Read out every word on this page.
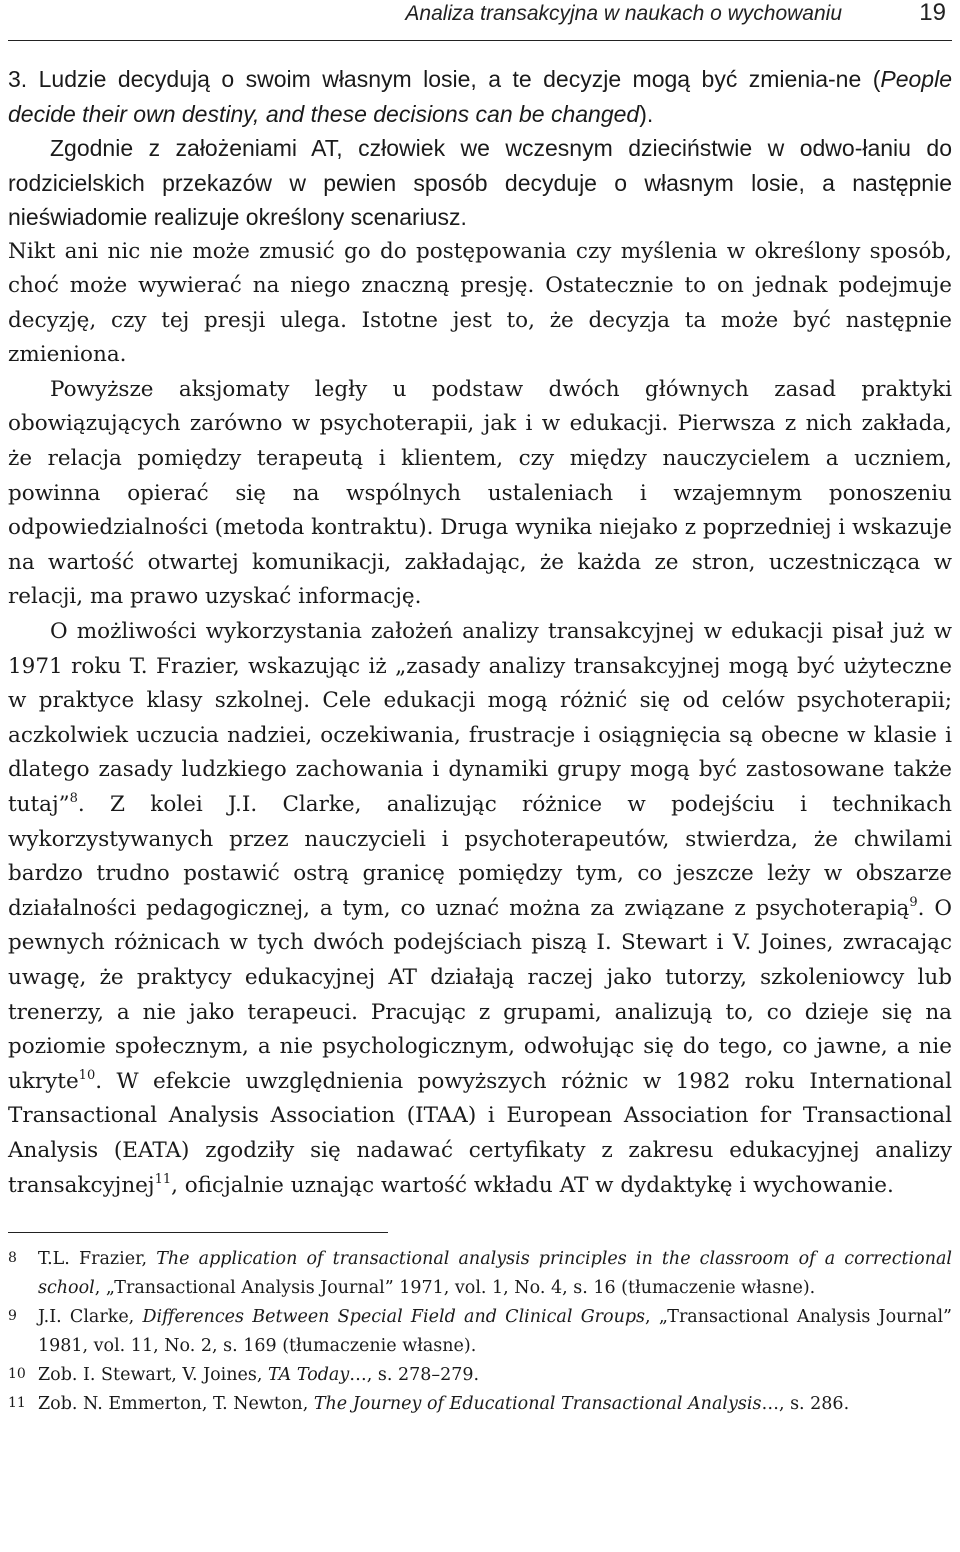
Analiza transakcyjna w naukach o wychowaniu	19

3. Ludzie decydują o swoim własnym losie, a te decyzje mogą być zmienia-ne (People decide their own destiny, and these decisions can be changed).

Zgodnie z założeniami AT, człowiek we wczesnym dzieciństwie w odwo-łaniu do rodzicielskich przekazów w pewien sposób decyduje o własnym losie, a następnie nieświadomie realizuje określony scenariusz.

Nikt ani nic nie może zmusić go do postępowania czy myślenia w określony sposób, choć może wywierać na niego znaczną presję. Ostatecznie to on jednak podejmuje decyzję, czy tej presji ulega. Istotne jest to, że decyzja ta może być następnie zmieniona.

Powyższe aksjomaty legły u podstaw dwóch głównych zasad praktyki obowiązujących zarówno w psychoterapii, jak i w edukacji. Pierwsza z nich zakłada, że relacja pomiędzy terapeutą i klientem, czy między nauczycielem a uczniem, powinna opierać się na wspólnych ustaleniach i wzajemnym ponoszeniu odpowiedzialności (metoda kontraktu). Druga wynika niejako z poprzedniej i wskazuje na wartość otwartej komunikacji, zakładając, że każda ze stron, uczestnicząca w relacji, ma prawo uzyskać informację.

O możliwości wykorzystania założeń analizy transakcyjnej w edukacji pisał już w 1971 roku T. Frazier, wskazując iż „zasady analizy transakcyjnej mogą być użyteczne w praktyce klasy szkolnej. Cele edukacji mogą różnić się od celów psychoterapii; aczkolwiek uczucia nadziei, oczekiwania, frustracje i osiągnięcia są obecne w klasie i dlatego zasady ludzkiego zachowania i dynamiki grupy mogą być zastosowane także tutaj”$^8$. Z kolei J.I. Clarke, analizując różnice w podejściu i technikach wykorzystywanych przez nauczycieli i psychoterapeutów, stwierdza, że chwilami bardzo trudno postawić ostrą granicę pomiędzy tym, co jeszcze leży w obszarze działalności pedagogicznej, a tym, co uznać można za związane z psychoterapią$^9$. O pewnych różnicach w tych dwóch podejściach piszą I. Stewart i V. Joines, zwracając uwagę, że praktycy edukacyjnej AT działają raczej jako tutorzy, szkoleniowcy lub trenerzy, a nie jako terapeuci. Pracując z grupami, analizują to, co dzieje się na poziomie społecznym, a nie psychologicznym, odwołując się do tego, co jawne, a nie ukryte$^{10}$. W efekcie uwzględnienia powyższych różnic w 1982 roku International Transactional Analysis Association (ITAA) i European Association for Transactional Analysis (EATA) zgodziły się nadawać certyfikaty z zakresu edukacyjnej analizy transakcyjnej$^{11}$, oficjalnie uznając wartość wkładu AT w dydaktykę i wychowanie.

8	T.L. Frazier, The application of transactional analysis principles in the classroom of a correctional school, „Transactional Analysis Journal” 1971, vol. 1, No. 4, s. 16 (tłumaczenie własne).
9	J.I. Clarke, Differences Between Special Field and Clinical Groups, „Transactional Analysis Journal” 1981, vol. 11, No. 2, s. 169 (tłumaczenie własne).
10 Zob. I. Stewart, V. Joines, TA Today…, s. 278–279.
11 Zob. N. Emmerton, T. Newton, The Journey of Educational Transactional Analysis…, s. 286.
